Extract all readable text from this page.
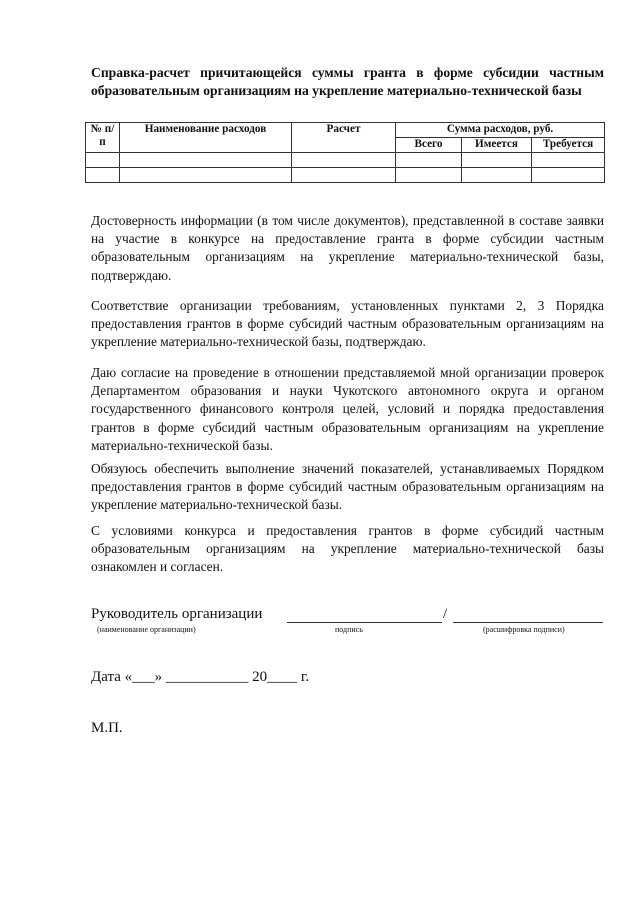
Справка-расчет причитающейся суммы гранта в форме субсидии частным образовательным организациям на укрепление материально-технической базы
№ п/п	Наименование расходов	Расчет	Сумма расходов, руб.		
			Всего	Имеется	Требуется

Достоверность информации (в том числе документов), представленной в составе заявки на участие в конкурсе на предоставление гранта в форме субсидии частным образовательным организациям на укрепление материально-технической базы, подтверждаю.
Соответствие организации требованиям, установленных пунктами 2, 3 Порядка предоставления грантов в форме субсидий частным образовательным организациям на укрепление материально-технической базы, подтверждаю.
Даю согласие на проведение в отношении представляемой мной организации проверок Департаментом образования и науки Чукотского автономного округа и органом государственного финансового контроля целей, условий и порядка предоставления грантов в форме субсидий частным образовательным организациям на укрепление материально-технической базы.
Обязуюсь обеспечить выполнение значений показателей, устанавливаемых Порядком предоставления грантов в форме субсидий частным образовательным организациям на укрепление материально-технической базы.
С условиями конкурса и предоставления грантов в форме субсидий частным образовательным организациям на укрепление материально-технической базы ознакомлен и согласен.
Руководитель организации	/
(наименование организации)	подпись	(расшифровка подписи)
Дата «___» ___________ 20____ г.
М.П.
